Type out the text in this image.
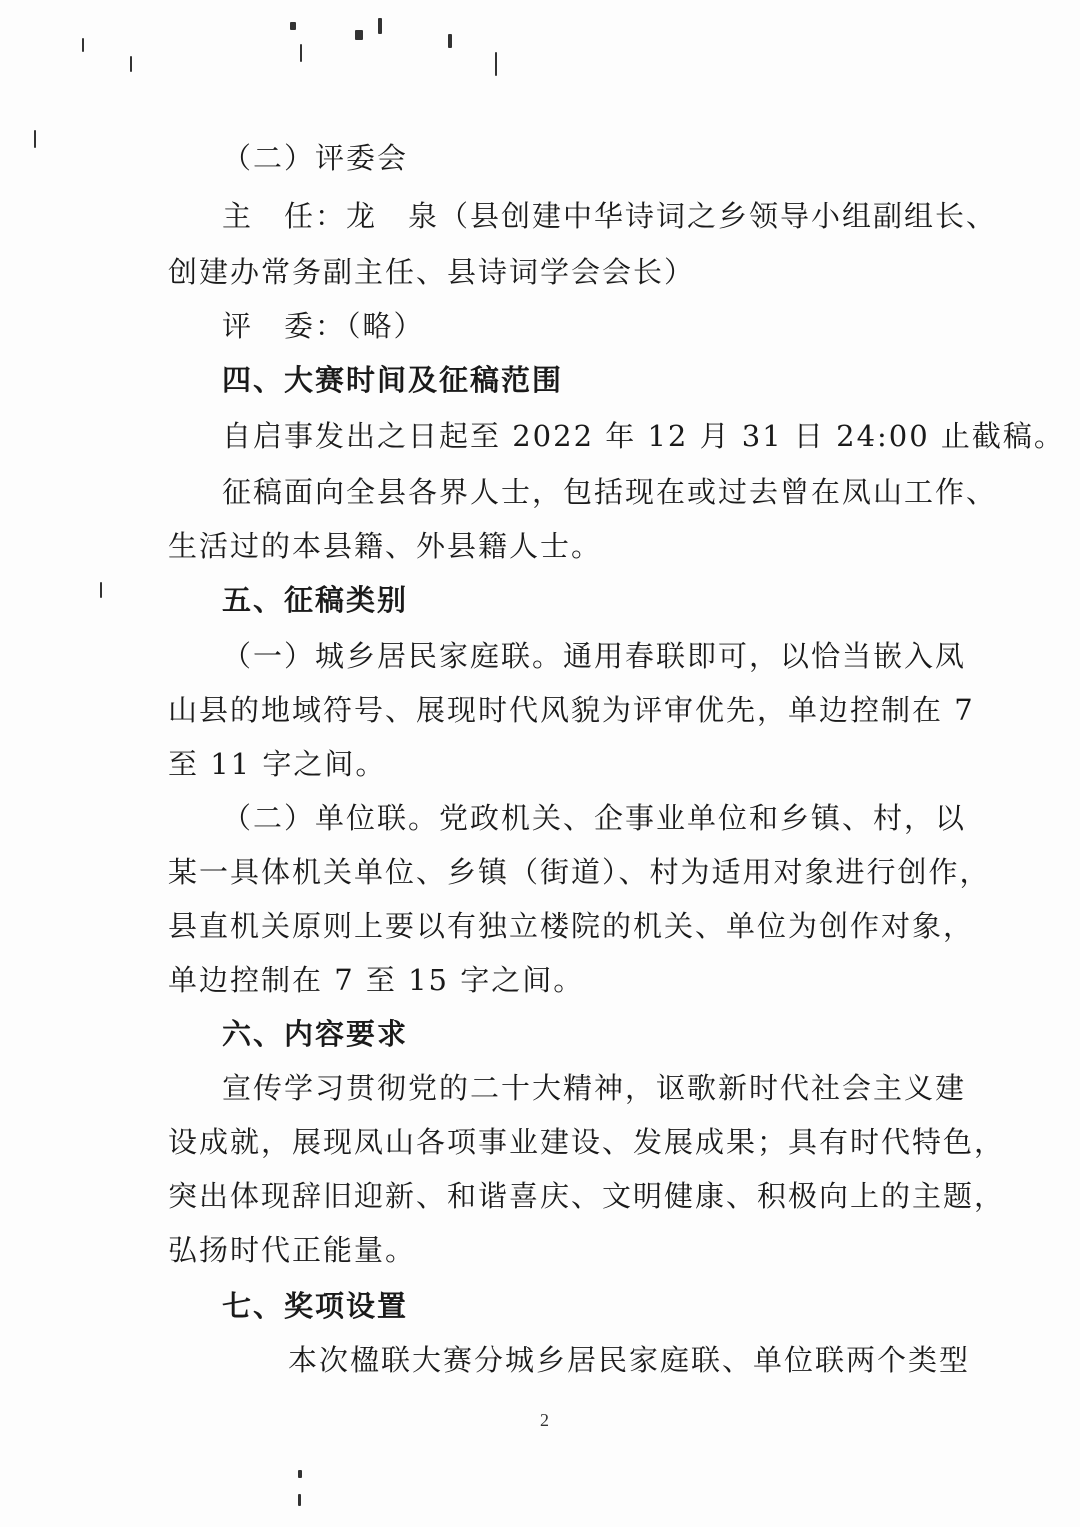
（二）评委会
主　任：龙　泉（县创建中华诗词之乡领导小组副组长、
创建办常务副主任、县诗词学会会长）
评　委：（略）
四、大赛时间及征稿范围
自启事发出之日起至 2022 年 12 月 31 日 24:00 止截稿。
征稿面向全县各界人士，包括现在或过去曾在凤山工作、
生活过的本县籍、外县籍人士。
五、征稿类别
（一）城乡居民家庭联。通用春联即可，以恰当嵌入凤
山县的地域符号、展现时代风貌为评审优先，单边控制在 7
至 11 字之间。
（二）单位联。党政机关、企事业单位和乡镇、村，以
某一具体机关单位、乡镇（街道）、村为适用对象进行创作，
县直机关原则上要以有独立楼院的机关、单位为创作对象，
单边控制在 7 至 15 字之间。
六、内容要求
宣传学习贯彻党的二十大精神，讴歌新时代社会主义建
设成就，展现凤山各项事业建设、发展成果；具有时代特色，
突出体现辞旧迎新、和谐喜庆、文明健康、积极向上的主题，
弘扬时代正能量。
七、奖项设置
本次楹联大赛分城乡居民家庭联、单位联两个类型
2
